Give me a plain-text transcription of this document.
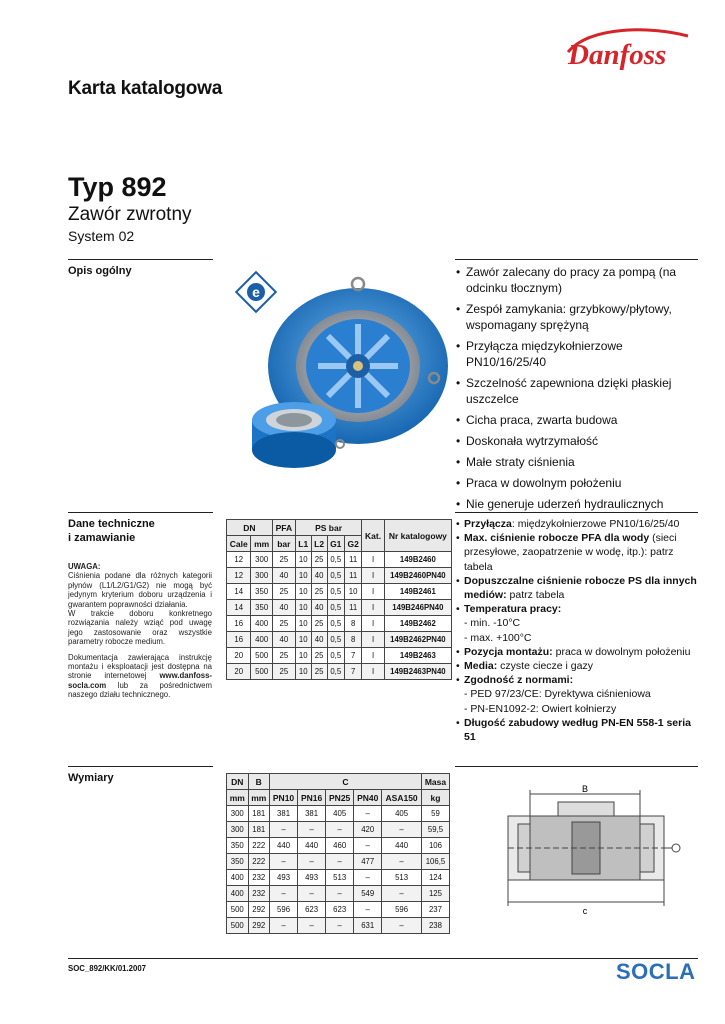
Danfoss
Karta katalogowa
Typ 892
Zawór zwrotny
System 02
Opis ogólny
e
• Zawór zalecany do pracy za pompą (na odcinku tłocznym)
• Zespół zamykania: grzybkowy/płytowy, wspomagany sprężyną
• Przyłącza międzykołnierzowe PN10/16/25/40
• Szczelność zapewniona dzięki płaskiej uszczelce
• Cicha praca, zwarta budowa
• Doskonała wytrzymałość
• Małe straty ciśnienia
• Praca w dowolnym położeniu
• Nie generuje uderzeń hydraulicznych
Dane techniczne
i zamawianie
UWAGA:
Ciśnienia podane dla różnych kategorii płynów (L1/L2/G1/G2) nie mogą być jedynym kryterium doboru urządzenia i gwarantem poprawności działania.
W trakcie doboru konkretnego rozwiązania należy wziąć pod uwagę jego zastosowanie oraz wszystkie parametry robocze medium.
Dokumentacja zawierająca instrukcję montażu i eksploatacji jest dostępna na stronie internetowej www.danfoss-socla.com lub za pośrednictwem naszego działu technicznego.
DN		PFA	PS bar				Kat.	Nr katalogowy
Cale	mm	bar	L1	L2	G1	G2		
12	300	25	10	25	0,5	11	I	149B2460
12	300	40	10	40	0,5	11	I	149B2460PN40
14	350	25	10	25	0,5	10	I	149B2461
14	350	40	10	40	0,5	11	I	149B246PN40
16	400	25	10	25	0,5	8	I	149B2462
16	400	40	10	40	0,5	8	I	149B2462PN40
20	500	25	10	25	0,5	7	I	149B2463
20	500	25	10	25	0,5	7	I	149B2463PN40
• Przyłącza: międzykołnierzowe PN10/16/25/40
• Max. ciśnienie robocze PFA dla wody (sieci przesyłowe, zaopatrzenie w wodę, itp.): patrz tabela
• Dopuszczalne ciśnienie robocze PS dla innych mediów: patrz tabela
• Temperatura pracy:
- min. -10°C
- max. +100°C
• Pozycja montażu: praca w dowolnym położeniu
• Media: czyste ciecze i gazy
• Zgodność z normami:
- PED 97/23/CE: Dyrektywa ciśnieniowa
- PN-EN1092-2: Owiert kołnierzy
• Długość zabudowy według PN-EN 558-1 seria 51
Wymiary	DN	B	C					Masa
mm	mm	PN10	PN16	PN25	PN40	ASA150	kg
300	181	381	381	405	–	405	59
300	181	–	–	–	420	–	59,5
350	222	440	440	460	–	440	106
350	222	–	–	–	477	–	106,5
400	232	493	493	513	–	513	124
400	232	–	–	–	549	–	125
500	292	596	623	623	–	596	237
500	292	–	–	–	631	–	238
B
c
SOC_892/KK/01.2007	SOCLA
